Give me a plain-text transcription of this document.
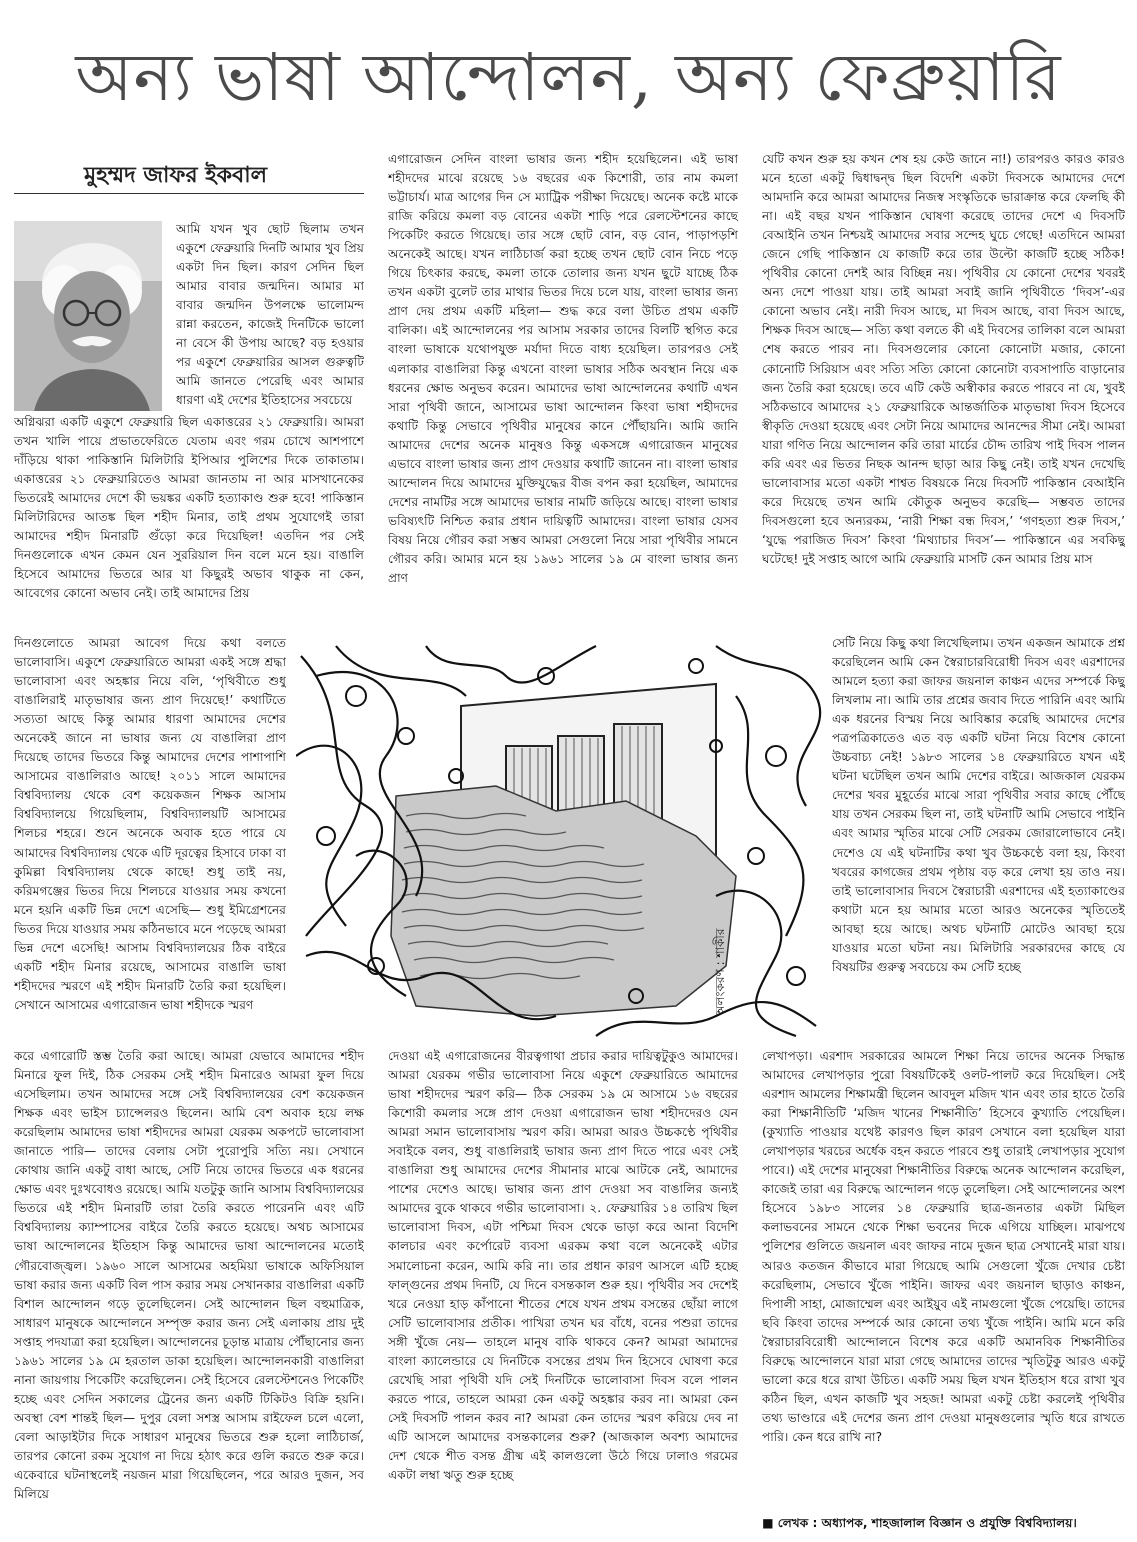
অন্য ভাষা আন্দোলন, অন্য ফেব্রুয়ারি
মুহম্মদ জাফর ইকবাল
আমি যখন খুব ছোট ছিলাম তখন একুশে ফেব্রুয়ারি দিনটি আমার খুব প্রিয় একটা দিন ছিল। কারণ সেদিন ছিল আমার বাবার জন্মদিন। আমার মা বাবার জন্মদিন উপলক্ষে ভালোমন্দ রান্না করতেন, কাজেই দিনটিকে ভালো না বেসে কী উপায় আছে? বড় হওয়ার পর একুশে ফেব্রুয়ারির আসল গুরুত্বটি আমি জানতে পেরেছি এবং আমার ধারণা এই দেশের ইতিহাসের সবচেয়ে
অগ্নিঝরা একটি একুশে ফেব্রুয়ারি ছিল একাত্তরের ২১ ফেব্রুয়ারি। আমরা তখন খালি পায়ে প্রভাতফেরিতে যেতাম এবং গরম চোখে আশপাশে দাঁড়িয়ে থাকা পাকিস্তানি মিলিটারি ইপিআর পুলিশের দিকে তাকাতাম। একাত্তরের ২১ ফেব্রুয়ারিতেও আমরা জানতাম না আর মাসখানেকের ভিতরেই আমাদের দেশে কী ভয়ঙ্কর একটি হত্যাকাণ্ড শুরু হবে! পাকিস্তান মিলিটারিদের আতঙ্ক ছিল শহীদ মিনার, তাই প্রথম সুযোগেই তারা আমাদের শহীদ মিনারটি গুঁড়ো করে দিয়েছিল! এতদিন পর সেই দিনগুলোকে এখন কেমন যেন সুররিয়াল দিন বলে মনে হয়। বাঙালি হিসেবে আমাদের ভিতরে আর যা কিছুরই অভাব থাকুক না কেন, আবেগের কোনো অভাব নেই। তাই আমাদের প্রিয়
দিনগুলোতে আমরা আবেগ দিয়ে কথা বলতে ভালোবাসি। একুশে ফেব্রুয়ারিতে আমরা একই সঙ্গে শ্রদ্ধা ভালোবাসা এবং অহঙ্কার নিয়ে বলি, ‘পৃথিবীতে শুধু বাঙালিরাই মাতৃভাষার জন্য প্রাণ দিয়েছে!’ কথাটিতে সত্যতা আছে কিন্তু আমার ধারণা আমাদের দেশের অনেকেই জানে না ভাষার জন্য যে বাঙালিরা প্রাণ দিয়েছে তাদের ভিতরে কিন্তু আমাদের দেশের পাশাপাশি আসামের বাঙালিরাও আছে! ২০১১ সালে আমাদের বিশ্ববিদ্যালয় থেকে বেশ কয়েকজন শিক্ষক আসাম বিশ্ববিদ্যালয়ে গিয়েছিলাম, বিশ্ববিদ্যালয়টি আসামের শিলচর শহরে। শুনে অনেকে অবাক হতে পারে যে আমাদের বিশ্ববিদ্যালয় থেকে এটি দূরত্বের হিসাবে ঢাকা বা কুমিল্লা বিশ্ববিদ্যালয় থেকে কাছে! শুধু তাই নয়, করিমগঞ্জের ভিতর দিয়ে শিলচরে যাওয়ার সময় কখনো মনে হয়নি একটি ভিন্ন দেশে এসেছি— শুধু ইমিগ্রেশনের ভিতর দিয়ে যাওয়ার সময় কঠিনভাবে মনে পড়েছে আমরা ভিন্ন দেশে এসেছি! আসাম বিশ্ববিদ্যালয়ের ঠিক বাইরে একটি শহীদ মিনার রয়েছে, আসামের বাঙালি ভাষা শহীদদের স্মরণে এই শহীদ মিনারটি তৈরি করা হয়েছিল। সেখানে আসামের এগারোজন ভাষা শহীদকে স্মরণ
করে এগারোটি স্তম্ভ তৈরি করা আছে। আমরা যেভাবে আমাদের শহীদ মিনারে ফুল দিই, ঠিক সেরকম সেই শহীদ মিনারেও আমরা ফুল দিয়ে এসেছিলাম। তখন আমাদের সঙ্গে সেই বিশ্ববিদ্যালয়ের বেশ কয়েকজন শিক্ষক এবং ভাইস চ্যান্সেলরও ছিলেন। আমি বেশ অবাক হয়ে লক্ষ করেছিলাম আমাদের ভাষা শহীদদের আমরা যেরকম অকপটে ভালোবাসা জানাতে পারি— তাদের বেলায় সেটা পুরোপুরি সত্যি নয়। সেখানে কোথায় জানি একটু বাধা আছে, সেটি নিয়ে তাদের ভিতরে এক ধরনের ক্ষোভ এবং দুঃখবোধও রয়েছে। আমি যতটুকু জানি আসাম বিশ্ববিদ্যালয়ের ভিতরে এই শহীদ মিনারটি তারা তৈরি করতে পারেননি এবং এটি বিশ্ববিদ্যালয় ক্যাম্পাসের বাইরে তৈরি করতে হয়েছে। অথচ আসামের ভাষা আন্দোলনের ইতিহাস কিন্তু আমাদের ভাষা আন্দোলনের মতোই গৌরবোজ্জ্বল। ১৯৬০ সালে আসামের অহমিয়া ভাষাকে অফিসিয়াল ভাষা করার জন্য একটি বিল পাস করার সময় সেখানকার বাঙালিরা একটি বিশাল আন্দোলন গড়ে তুলেছিলেন। সেই আন্দোলন ছিল বহুমাত্রিক, সাধারণ মানুষকে আন্দোলনে সম্পৃক্ত করার জন্য সেই এলাকায় প্রায় দুই সপ্তাহ পদযাত্রা করা হয়েছিল। আন্দোলনের চূড়ান্ত মাত্রায় পৌঁছানোর জন্য ১৯৬১ সালের ১৯ মে হরতাল ডাকা হয়েছিল। আন্দোলনকারী বাঙালিরা নানা জায়গায় পিকেটিং করেছিলেন। সেই হিসেবে রেলস্টেশনেও পিকেটিং হচ্ছে এবং সেদিন সকালের ট্রেনের জন্য একটি টিকিটও বিক্রি হয়নি। অবস্থা বেশ শান্তই ছিল— দুপুর বেলা সশস্ত্র আসাম রাইফেল চলে এলো, বেলা আড়াইটার দিকে সাধারণ মানুষের ভিতরে শুরু হলো লাঠিচার্জ, তারপর কোনো রকম সুযোগ না দিয়ে হঠাৎ করে গুলি করতে শুরু করে। একেবারে ঘটনাস্থলেই নয়জন মারা গিয়েছিলেন, পরে আরও দুজন, সব মিলিয়ে
এগারোজন সেদিন বাংলা ভাষার জন্য শহীদ হয়েছিলেন। এই ভাষা শহীদদের মাঝে রয়েছে ১৬ বছরের এক কিশোরী, তার নাম কমলা ভট্টাচার্য। মাত্র আগের দিন সে ম্যাট্রিক পরীক্ষা দিয়েছে। অনেক কষ্টে মাকে রাজি করিয়ে কমলা বড় বোনের একটা শাড়ি পরে রেলস্টেশনের কাছে পিকেটিং করতে গিয়েছে। তার সঙ্গে ছোট বোন, বড় বোন, পাড়াপড়শি অনেকেই আছে। যখন লাঠিচার্জ করা হচ্ছে তখন ছোট বোন নিচে পড়ে গিয়ে চিৎকার করছে, কমলা তাকে তোলার জন্য যখন ছুটে যাচ্ছে ঠিক তখন একটা বুলেট তার মাথার ভিতর দিয়ে চলে যায়, বাংলা ভাষার জন্য প্রাণ দেয় প্রথম একটি মহিলা— শুদ্ধ করে বলা উচিত প্রথম একটি বালিকা। এই আন্দোলনের পর আসাম সরকার তাদের বিলটি স্থগিত করে বাংলা ভাষাকে যথোপযুক্ত মর্যাদা দিতে বাধ্য হয়েছিল। তারপরও সেই এলাকার বাঙালিরা কিন্তু এখনো বাংলা ভাষার সঠিক অবস্থান নিয়ে এক ধরনের ক্ষোভ অনুভব করেন। আমাদের ভাষা আন্দোলনের কথাটি এখন সারা পৃথিবী জানে, আসামের ভাষা আন্দোলন কিংবা ভাষা শহীদদের কথাটি কিন্তু সেভাবে পৃথিবীর মানুষের কানে পৌঁছায়নি। আমি জানি আমাদের দেশের অনেক মানুষও কিন্তু একসঙ্গে এগারোজন মানুষের এভাবে বাংলা ভাষার জন্য প্রাণ দেওয়ার কথাটি জানেন না। বাংলা ভাষার আন্দোলন দিয়ে আমাদের মুক্তিযুদ্ধের বীজ বপন করা হয়েছিল, আমাদের দেশের নামটির সঙ্গে আমাদের ভাষার নামটি জড়িয়ে আছে। বাংলা ভাষার ভবিষ্যৎটি নিশ্চিত করার প্রধান দায়িত্বটি আমাদের। বাংলা ভাষার যেসব বিষয় নিয়ে গৌরব করা সম্ভব আমরা সেগুলো নিয়ে সারা পৃথিবীর সামনে গৌরব করি। আমার মনে হয় ১৯৬১ সালের ১৯ মে বাংলা ভাষার জন্য প্রাণ
দেওয়া এই এগারোজনের বীরত্বগাথা প্রচার করার দায়িত্বটুকুও আমাদের। আমরা যেরকম গভীর ভালোবাসা নিয়ে একুশে ফেব্রুয়ারিতে আমাদের ভাষা শহীদদের স্মরণ করি— ঠিক সেরকম ১৯ মে আসামে ১৬ বছরের কিশোরী কমলার সঙ্গে প্রাণ দেওয়া এগারোজন ভাষা শহীদদেরও যেন আমরা সমান ভালোবাসায় স্মরণ করি। আমরা আরও উচ্চকণ্ঠে পৃথিবীর সবাইকে বলব, শুধু বাঙালিরাই ভাষার জন্য প্রাণ দিতে পারে এবং সেই বাঙালিরা শুধু আমাদের দেশের সীমানার মাঝে আটকে নেই, আমাদের পাশের দেশেও আছে। ভাষার জন্য প্রাণ দেওয়া সব বাঙালির জন্যই আমাদের বুকে থাকবে গভীর ভালোবাসা। ২. ফেব্রুয়ারির ১৪ তারিখ ছিল ভালোবাসা দিবস, এটা পশ্চিমা দিবস থেকে ভাড়া করে আনা বিদেশি কালচার এবং কর্পোরেট ব্যবসা এরকম কথা বলে অনেকেই এটার সমালোচনা করেন, আমি করি না। তার প্রধান কারণ আসলে এটি হচ্ছে ফাল্গুনের প্রথম দিনটি, যে দিনে বসন্তকাল শুরু হয়। পৃথিবীর সব দেশেই খরে নেওয়া হাড় কাঁপানো শীতের শেষে যখন প্রথম বসন্তের ছোঁয়া লাগে সেটি ভালোবাসার প্রতীক। পাখিরা তখন ঘর বাঁধে, বনের পশুরা তাদের সঙ্গী খুঁজে নেয়— তাহলে মানুষ বাকি থাকবে কেন? আমরা আমাদের বাংলা ক্যালেন্ডারে যে দিনটিকে বসন্তের প্রথম দিন হিসেবে ঘোষণা করে রেখেছি সারা পৃথিবী যদি সেই দিনটিকে ভালোবাসা দিবস বলে পালন করতে পারে, তাহলে আমরা কেন একটু অহঙ্কার করব না। আমরা কেন সেই দিবসটি পালন করব না? আমরা কেন তাদের স্মরণ করিয়ে দেব না এটি আসলে আমাদের বসন্তকালের শুরু? (আজকাল অবশ্য আমাদের দেশ থেকে শীত বসন্ত গ্রীষ্ম এই কালগুলো উঠে গিয়ে ঢালাও গরমের একটা লম্বা ঋতু শুরু হচ্ছে
যেটি কখন শুরু হয় কখন শেষ হয় কেউ জানে না!) তারপরও কারও কারও মনে হতো একটু দ্বিধাদ্বন্দ্ব ছিল বিদেশি একটা দিবসকে আমাদের দেশে আমদানি করে আমরা আমাদের নিজস্ব সংস্কৃতিকে ভারাক্রান্ত করে ফেলছি কী না। এই বছর যখন পাকিস্তান ঘোষণা করেছে তাদের দেশে এ দিবসটি বেআইনি তখন নিশ্চয়ই আমাদের সবার সন্দেহ ঘুচে গেছে! এতদিনে আমরা জেনে গেছি পাকিস্তান যে কাজটি করে তার উল্টো কাজটি হচ্ছে সঠিক! পৃথিবীর কোনো দেশই আর বিচ্ছিন্ন নয়। পৃথিবীর যে কোনো দেশের খবরই অন্য দেশে পাওয়া যায়। তাই আমরা সবাই জানি পৃথিবীতে ‘দিবস’-এর কোনো অভাব নেই। নারী দিবস আছে, মা দিবস আছে, বাবা দিবস আছে, শিক্ষক দিবস আছে— সত্যি কথা বলতে কী এই দিবসের তালিকা বলে আমরা শেষ করতে পারব না। দিবসগুলোর কোনো কোনোটা মজার, কোনো কোনোটি সিরিয়াস এবং সত্যি সত্যি কোনো কোনোটা ব্যবসাপাতি বাড়ানোর জন্য তৈরি করা হয়েছে। তবে এটি কেউ অস্বীকার করতে পারবে না যে, খুবই সঠিকভাবে আমাদের ২১ ফেব্রুয়ারিকে আন্তর্জাতিক মাতৃভাষা দিবস হিসেবে স্বীকৃতি দেওয়া হয়েছে এবং সেটা নিয়ে আমাদের আনন্দের সীমা নেই। আমরা যারা গণিত নিয়ে আন্দোলন করি তারা মার্চের চৌদ্দ তারিখ পাই দিবস পালন করি এবং এর ভিতর নিছক আনন্দ ছাড়া আর কিছু নেই। তাই যখন দেখেছি ভালোবাসার মতো একটা শাশ্বত বিষয়কে নিয়ে দিবসটি পাকিস্তান বেআইনি করে দিয়েছে তখন আমি কৌতুক অনুভব করেছি— সম্ভবত তাদের দিবসগুলো হবে অন্যরকম, ‘নারী শিক্ষা বন্ধ দিবস,’ ‘গণহত্যা শুরু দিবস,’ ‘যুদ্ধে পরাজিত দিবস’ কিংবা ‘মিথ্যাচার দিবস’— পাকিস্তানে এর সবকিছু ঘটেছে! দুই সপ্তাহ আগে আমি ফেব্রুয়ারি মাসটি কেন আমার প্রিয় মাস
সেটি নিয়ে কিছু কথা লিখেছিলাম। তখন একজন আমাকে প্রশ্ন করেছিলেন আমি কেন স্বৈরাচারবিরোধী দিবস এবং এরশাদের আমলে হত্যা করা জাফর জয়নাল কাঞ্চন এদের সম্পর্কে কিছু লিখলাম না। আমি তার প্রশ্নের জবাব দিতে পারিনি এবং আমি এক ধরনের বিস্ময় নিয়ে আবিষ্কার করেছি আমাদের দেশের পত্রপত্রিকাতেও এত বড় একটি ঘটনা নিয়ে বিশেষ কোনো উচ্চবাচ্য নেই! ১৯৮৩ সালের ১৪ ফেব্রুয়ারিতে যখন এই ঘটনা ঘটেছিল তখন আমি দেশের বাইরে। আজকাল যেরকম দেশের খবর মুহূর্তের মাঝে সারা পৃথিবীর সবার কাছে পৌঁছে যায় তখন সেরকম ছিল না, তাই ঘটনাটি আমি সেভাবে পাইনি এবং আমার স্মৃতির মাঝে সেটি সেরকম জোরালোভাবে নেই। দেশেও যে এই ঘটনাটির কথা খুব উচ্চকণ্ঠে বলা হয়, কিংবা খবরের কাগজের প্রথম পৃষ্ঠায় বড় করে লেখা হয় তাও নয়। তাই ভালোবাসার দিবসে স্বৈরাচারী এরশাদের এই হত্যাকাণ্ডের কথাটা মনে হয় আমার মতো আরও অনেকের স্মৃতিতেই আবছা হয়ে আছে। অথচ ঘটনাটি মোটেও আবছা হয়ে যাওয়ার মতো ঘটনা নয়। মিলিটারি সরকারদের কাছে যে বিষয়টির গুরুত্ব সবচেয়ে কম সেটি হচ্ছে
লেখাপড়া। এরশাদ সরকারের আমলে শিক্ষা নিয়ে তাদের অনেক সিদ্ধান্ত আমাদের লেখাপড়ার পুরো বিষয়টিকেই ওলট-পালট করে দিয়েছিল। সেই এরশাদ আমলের শিক্ষামন্ত্রী ছিলেন আবদুল মজিদ খান এবং তার হাতে তৈরি করা শিক্ষানীতিটি ‘মজিদ খানের শিক্ষানীতি’ হিসেবে কুখ্যাতি পেয়েছিল। (কুখ্যাতি পাওয়ার যথেষ্ট কারণও ছিল কারণ সেখানে বলা হয়েছিল যারা লেখাপড়ার খরচের অর্ধেক বহন করতে পারবে শুধু তারাই লেখাপড়ার সুযোগ পাবে।) এই দেশের মানুষেরা শিক্ষানীতির বিরুদ্ধে অনেক আন্দোলন করেছিল, কাজেই তারা এর বিরুদ্ধে আন্দোলন গড়ে তুলেছিল। সেই আন্দোলনের অংশ হিসেবে ১৯৮৩ সালের ১৪ ফেব্রুয়ারি ছাত্র-জনতার একটা মিছিল কলাভবনের সামনে থেকে শিক্ষা ভবনের দিকে এগিয়ে যাচ্ছিল। মাঝপথে পুলিশের গুলিতে জয়নাল এবং জাফর নামে দুজন ছাত্র সেখানেই মারা যায়। আরও কতজন কীভাবে মারা গিয়েছে আমি সেগুলো খুঁজে দেখার চেষ্টা করেছিলাম, সেভাবে খুঁজে পাইনি। জাফর এবং জয়নাল ছাড়াও কাঞ্চন, দিপালী সাহা, মোজাম্মেল এবং আইয়ুব এই নামগুলো খুঁজে পেয়েছি। তাদের ছবি কিংবা তাদের সম্পর্কে আর কোনো তথ্য খুঁজে পাইনি। আমি মনে করি স্বৈরাচারবিরোধী আন্দোলনে বিশেষ করে একটি অমানবিক শিক্ষানীতির বিরুদ্ধে আন্দোলনে যারা মারা গেছে আমাদের তাদের স্মৃতিটুকু আরও একটু ভালো করে ধরে রাখা উচিত। একটি সময় ছিল যখন ইতিহাস ধরে রাখা খুব কঠিন ছিল, এখন কাজটি খুব সহজ! আমরা একটু চেষ্টা করলেই পৃথিবীর তথ্য ভাণ্ডারে এই দেশের জন্য প্রাণ দেওয়া মানুষগুলোর স্মৃতি ধরে রাখতে পারি। কেন ধরে রাখি না?
■ লেখক : অধ্যাপক, শাহজালাল বিজ্ঞান ও প্রযুক্তি বিশ্ববিদ্যালয়।
অলংকরণ : শাকীর
